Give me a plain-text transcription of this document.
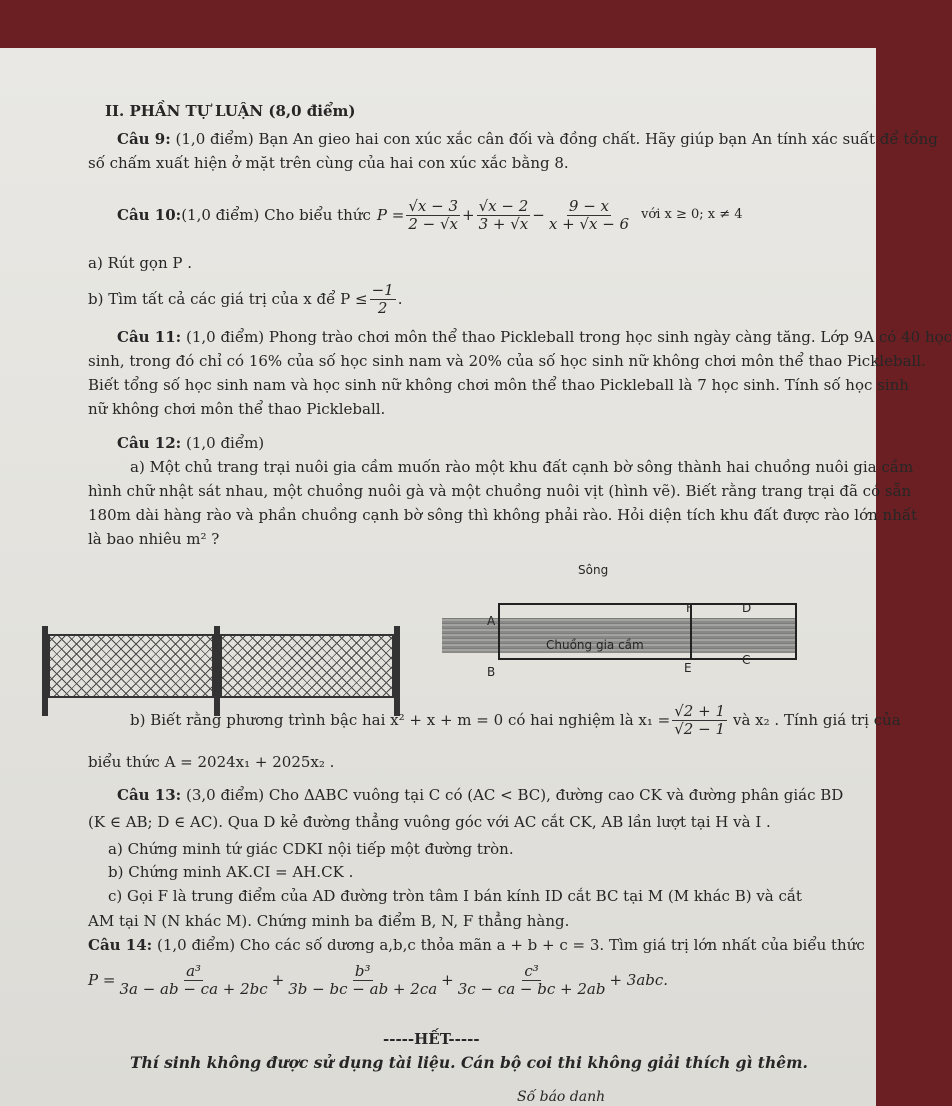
II. PHẦN TỰ LUẬN (8,0 điểm)
Câu 9: (1,0 điểm) Bạn An gieo hai con xúc xắc cân đối và đồng chất. Hãy giúp bạn An tính xác suất để tổng
số chấm xuất hiện ở mặt trên cùng của hai con xúc xắc bằng 8.
Câu 10: (1,0 điểm) Cho biểu thức $P = \frac{√x - 3}{2 - √x} + \frac{√x - 2}{3 + √x} - \frac{9 - x}{x + √x - 6}$ với x ≥ 0; x ≠ 4
a) Rút gọn P .
b) Tìm tất cả các giá trị của x để $P \le \frac{-1}{2}$ .
Câu 11: (1,0 điểm) Phong trào chơi môn thể thao Pickleball trong học sinh ngày càng tăng. Lớp 9A có 40 học
sinh, trong đó chỉ có 16% của số học sinh nam và 20% của số học sinh nữ không chơi môn thể thao Pickleball.
Biết tổng số học sinh nam và học sinh nữ không chơi môn thể thao Pickleball là 7 học sinh. Tính số học sinh
nữ không chơi môn thể thao Pickleball.
Câu 12: (1,0 điểm)
a) Một chủ trang trại nuôi gia cầm muốn rào một khu đất cạnh bờ sông thành hai chuồng nuôi gia cầm
hình chữ nhật sát nhau, một chuồng nuôi gà và một chuồng nuôi vịt (hình vẽ). Biết rằng trang trại đã có sẵn
180m dài hàng rào và phần chuồng cạnh bờ sông thì không phải rào. Hỏi diện tích khu đất được rào lớn nhất
là bao nhiêu m² ?
Sông
A
B
F	D
E
C
Chuồng gia cầm
b) Biết rằng phương trình bậc hai x² + x + m = 0 có hai nghiệm là $x_1 = \frac{√2 + 1}{√2 - 1}$ và x₂ . Tính giá trị của
biểu thức A = 2024x₁ + 2025x₂ .
Câu 13: (3,0 điểm) Cho ΔABC vuông tại C có (AC < BC), đường cao CK và đường phân giác BD
(K ∈ AB; D ∈ AC). Qua D kẻ đường thẳng vuông góc với AC cắt CK, AB lần lượt tại H và I .
a) Chứng minh tứ giác CDKI nội tiếp một đường tròn.
b) Chứng minh AK.CI = AH.CK .
c) Gọi F là trung điểm của AD đường tròn tâm I bán kính ID cắt BC tại M (M khác B) và cắt
AM tại N (N khác M). Chứng minh ba điểm B, N, F thẳng hàng.
Câu 14: (1,0 điểm) Cho các số dương a,b,c thỏa mãn a + b + c = 3. Tìm giá trị lớn nhất của biểu thức
$P = \frac{\text{a³}}{3a - ab - ca + 2bc} + \frac{\text{b³}}{3b - bc - ab + 2ca} + \frac{\text{c³}}{3c - ca - bc + 2ab} + 3abc$.
-----HẾT-----
Thí sinh không được sử dụng tài liệu. Cán bộ coi thi không giải thích gì thêm.
Số báo danh
